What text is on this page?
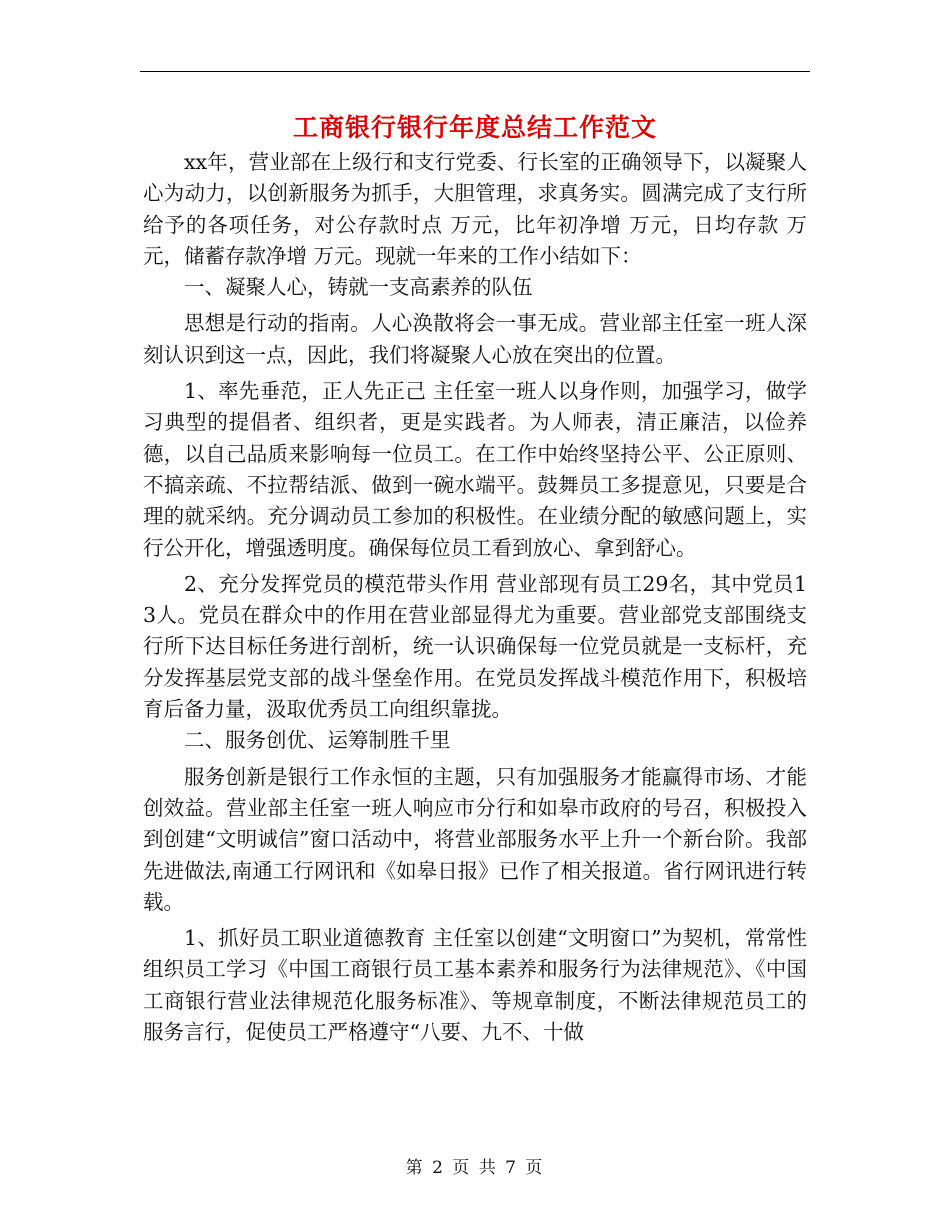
工商银行银行年度总结工作范文

xx年，营业部在上级行和支行党委、行长室的正确领导下，以凝聚人心为动力，以创新服务为抓手，大胆管理，求真务实。圆满完成了支行所给予的各项任务，对公存款时点 万元，比年初净增 万元，日均存款 万元，储蓄存款净增 万元。现就一年来的工作小结如下：

一、凝聚人心，铸就一支高素养的队伍

思想是行动的指南。人心涣散将会一事无成。营业部主任室一班人深刻认识到这一点，因此，我们将凝聚人心放在突出的位置。

1、率先垂范，正人先正己 主任室一班人以身作则，加强学习，做学习典型的提倡者、组织者，更是实践者。为人师表，清正廉洁，以俭养德，以自己品质来影响每一位员工。在工作中始终坚持公平、公正原则、不搞亲疏、不拉帮结派、做到一碗水端平。鼓舞员工多提意见，只要是合理的就采纳。充分调动员工参加的积极性。在业绩分配的敏感问题上，实行公开化，增强透明度。确保每位员工看到放心、拿到舒心。

2、充分发挥党员的模范带头作用 营业部现有员工29名，其中党员13人。党员在群众中的作用在营业部显得尤为重要。营业部党支部围绕支行所下达目标任务进行剖析，统一认识确保每一位党员就是一支标杆，充分发挥基层党支部的战斗堡垒作用。在党员发挥战斗模范作用下，积极培育后备力量，汲取优秀员工向组织靠拢。

二、服务创优、运筹制胜千里

服务创新是银行工作永恒的主题，只有加强服务才能赢得市场、才能创效益。营业部主任室一班人响应市分行和如皋市政府的号召，积极投入到创建“文明诚信”窗口活动中，将营业部服务水平上升一个新台阶。我部先进做法,南通工行网讯和《如皋日报》已作了相关报道。省行网讯进行转载。

1、抓好员工职业道德教育 主任室以创建“文明窗口”为契机，常常性组织员工学习《中国工商银行员工基本素养和服务行为法律规范》、《中国工商银行营业法律规范化服务标准》、等规章制度，不断法律规范员工的服务言行，促使员工严格遵守“八要、九不、十做

第 2 页 共 7 页
